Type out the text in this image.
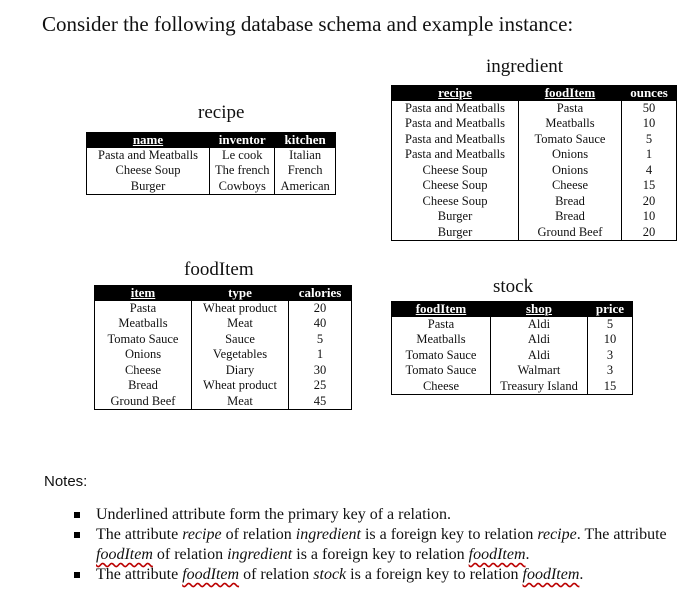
Consider the following database schema and example instance:
recipe
name	inventor	kitchen
Pasta and Meatballs	Le cook	Italian
Cheese Soup	The french	French
Burger	Cowboys	American
ingredient
recipe	foodItem	ounces
Pasta and Meatballs	Pasta	50
Pasta and Meatballs	Meatballs	10
Pasta and Meatballs	Tomato Sauce	5
Pasta and Meatballs	Onions	1
Cheese Soup	Onions	4
Cheese Soup	Cheese	15
Cheese Soup	Bread	20
Burger	Bread	10
Burger	Ground Beef	20
foodItem
item	type	calories
Pasta	Wheat product	20
Meatballs	Meat	40
Tomato Sauce	Sauce	5
Onions	Vegetables	1
Cheese	Diary	30
Bread	Wheat product	25
Ground Beef	Meat	45
stock
foodItem	shop	price
Pasta	Aldi	5
Meatballs	Aldi	10
Tomato Sauce	Aldi	3
Tomato Sauce	Walmart	3
Cheese	Treasury Island	15
Notes:
Underlined attribute form the primary key of a relation.
The attribute recipe of relation ingredient is a foreign key to relation recipe. The attribute foodItem of relation ingredient is a foreign key to relation foodItem.
The attribute foodItem of relation stock is a foreign key to relation foodItem.
